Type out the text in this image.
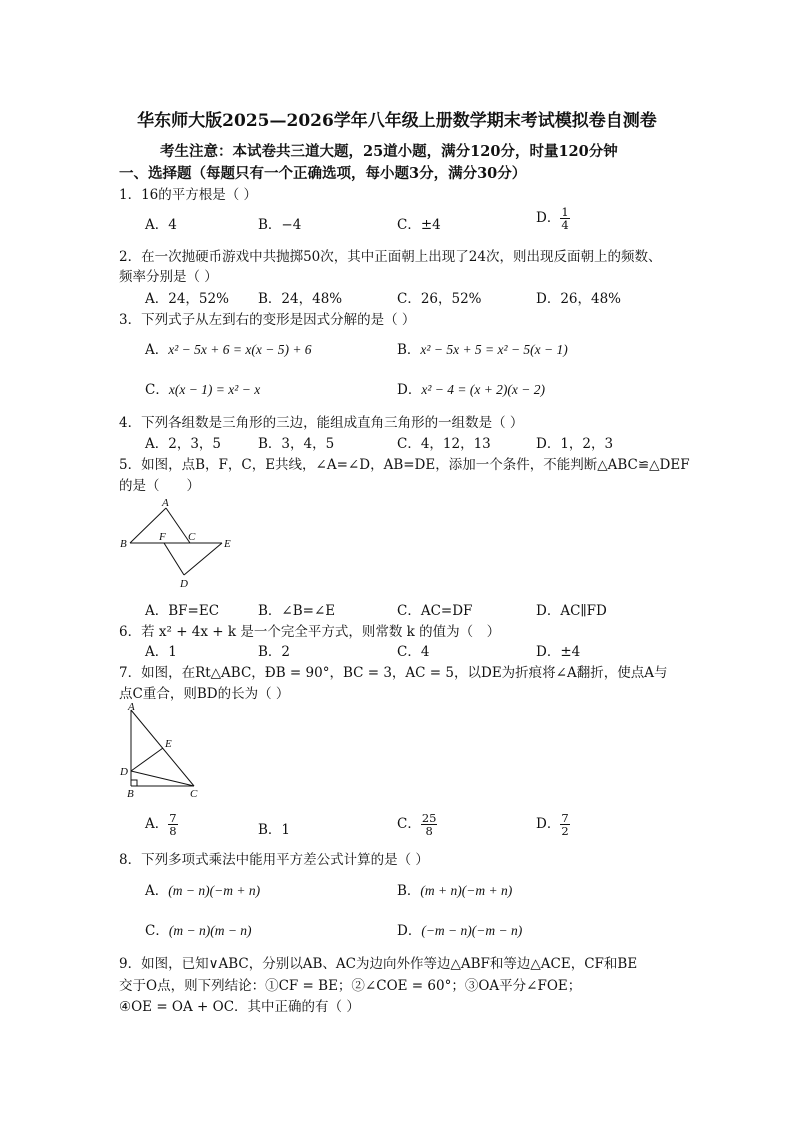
华东师大版2025—2026学年八年级上册数学期末考试模拟卷自测卷
考生注意：本试卷共三道大题，25道小题，满分120分，时量120分钟
一、选择题（每题只有一个正确选项，每小题3分，满分30分）
1．16的平方根是（ ）
A．4	B．−4	C．±4	D． $\frac{1}{4}$
2．在一次抛硬币游戏中共抛掷50次，其中正面朝上出现了24次，则出现反面朝上的频数、
频率分别是（ ）
A．24，52% B．24，48%	C．26，52%	D．26，48%
3．下列式子从左到右的变形是因式分解的是（ ）
A．x² − 5x + 6 = x(x − 5) + 6	B．x² − 5x + 5 = x² − 5(x − 1)
C．x(x − 1) = x² − x	D．x² − 4 = (x + 2)(x − 2)
4．下列各组数是三角形的三边，能组成直角三角形的一组数是（ ）
A．2，3，5	B．3，4，5	C．4，12，13	D．1，2，3
5．如图，点B，F，C，E共线，∠A=∠D，AB=DE，添加一个条件，不能判断△ABC≌△DEF
的是（　　）
A
B
F C
E
D
A．BF=EC	B．∠B=∠E	C．AC=DF	D．AC∥FD
6．若 x² + 4x + k 是一个完全平方式，则常数 k 的值为（　）
A．1	B．2	C．4	D．±4
7．如图，在Rt△ABC，ÐB = 90°，BC = 3，AC = 5，以DE为折痕将∠A翻折，使点A与
点C重合，则BD的长为（ ）
A
E
D
B	C
A． $\frac{7}{8}$	B．1	C． $\frac{25}{8}$	D． $\frac{7}{2}$
8．下列多项式乘法中能用平方差公式计算的是（ ）
A．(m − n)(−m + n)	B．(m + n)(−m + n)
C．(m − n)(m − n)	D．(−m − n)(−m − n)
9．如图，已知∨ABC，分别以AB、AC为边向外作等边△ABF和等边△ACE，CF和BE
交于O点，则下列结论：①CF = BE；②∠COE = 60°；③OA平分∠FOE；
④OE = OA + OC．其中正确的有（ ）
